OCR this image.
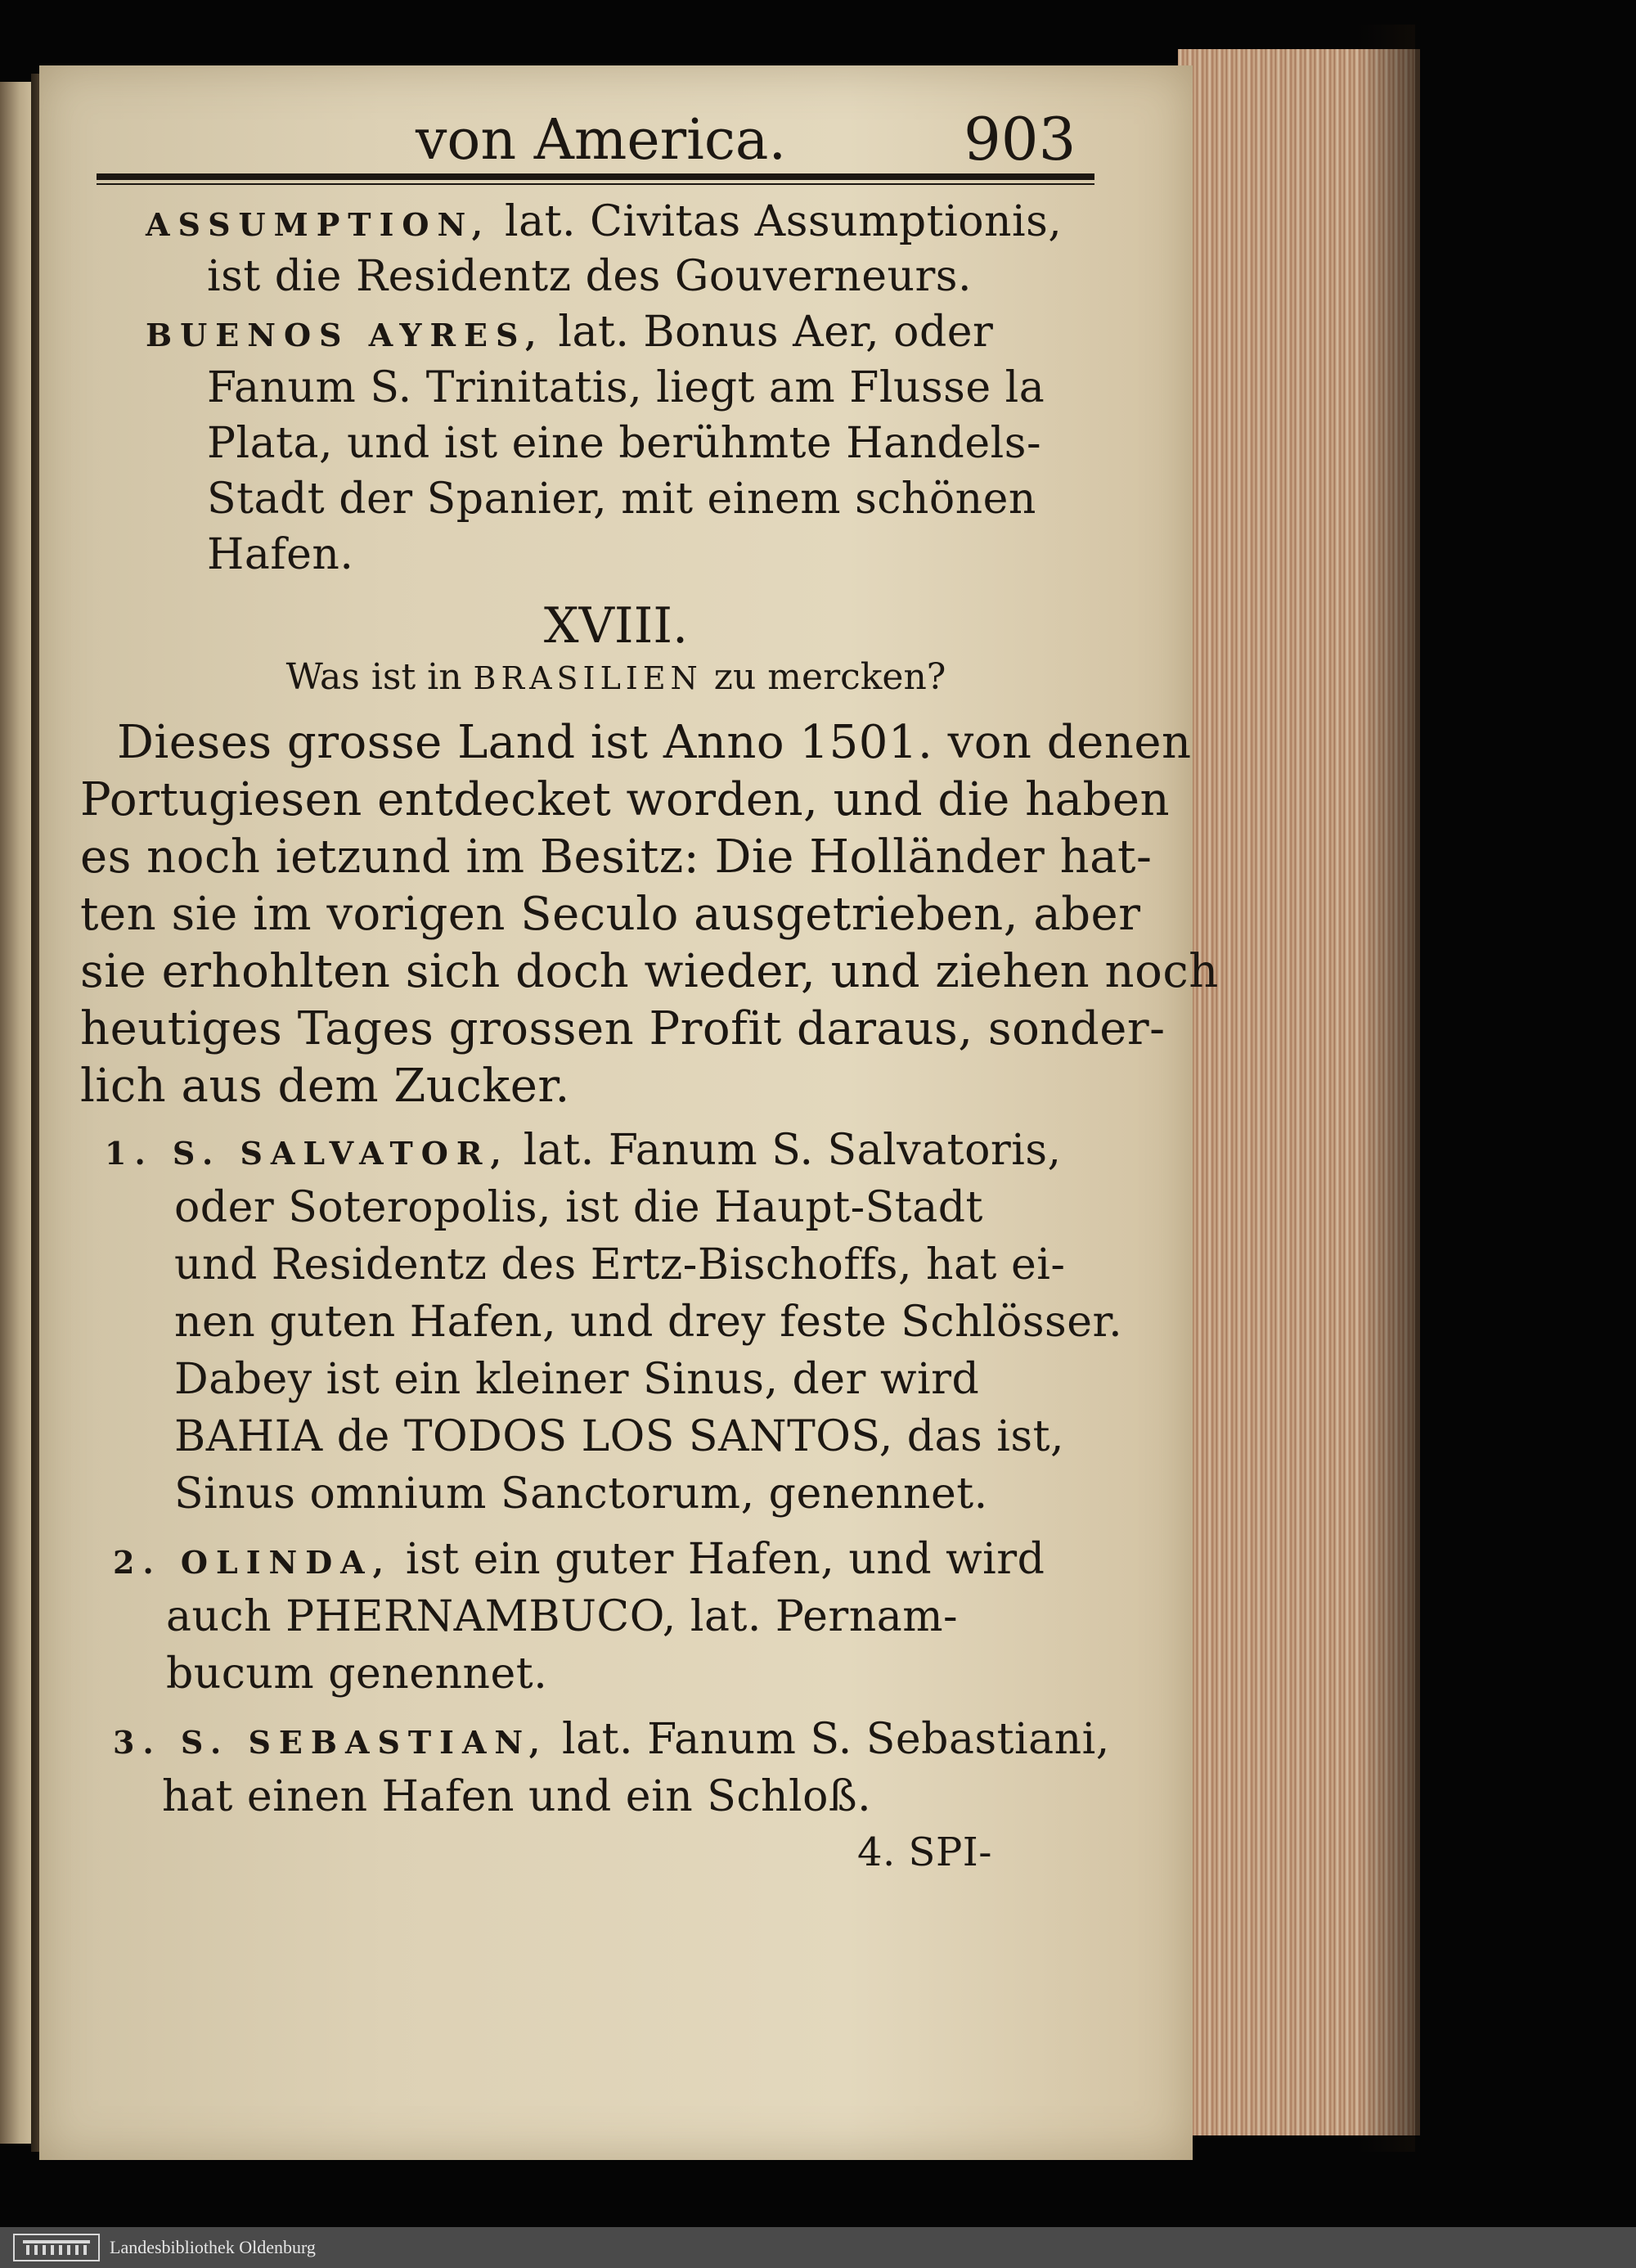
von America.	903
ASSUMPTION, lat. Civitas Assumptionis,
ist die Residentz des Gouverneurs.
BUENOS AYRES, lat. Bonus Aer, oder
Fanum S. Trinitatis, liegt am Flusse la
Plata, und ist eine berühmte Handels-
Stadt der Spanier, mit einem schönen
Hafen.
XVIII.
Was ist in BRASILIEN zu mercken?
Dieses grosse Land ist Anno 1501. von denen
Portugiesen entdecket worden, und die haben
es noch ietzund im Besitz: Die Holländer hat-
ten sie im vorigen Seculo ausgetrieben, aber
sie erhohlten sich doch wieder, und ziehen noch
heutiges Tages grossen Profit daraus, sonder-
lich aus dem Zucker.
1. S. SALVATOR, lat. Fanum S. Salvatoris,
oder Soteropolis, ist die Haupt-Stadt
und Residentz des Ertz-Bischoffs, hat ei-
nen guten Hafen, und drey feste Schlösser.
Dabey ist ein kleiner Sinus, der wird
BAHIA de TODOS LOS SANTOS, das ist,
Sinus omnium Sanctorum, genennet.
2. OLINDA, ist ein guter Hafen, und wird
auch PHERNAMBUCO, lat. Pernam-
bucum genennet.
3. S. SEBASTIAN, lat. Fanum S. Sebastiani,
hat einen Hafen und ein Schloß.
4. SPI-
Landesbibliothek Oldenburg
